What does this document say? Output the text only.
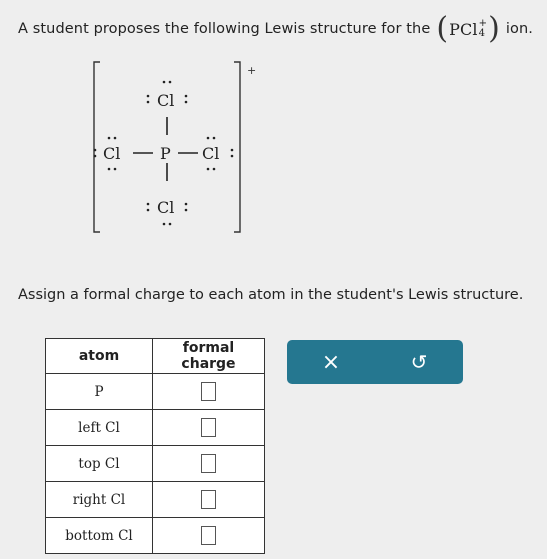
A student proposes the following Lewis structure for the ( PCl +
4 ) ion.
+
Cl
Cl P Cl
Cl
Assign a formal charge to each atom in the student's Lewis structure.
atom	formal charge
P	
left Cl	
top Cl	
right Cl	
bottom Cl	
×	↺
